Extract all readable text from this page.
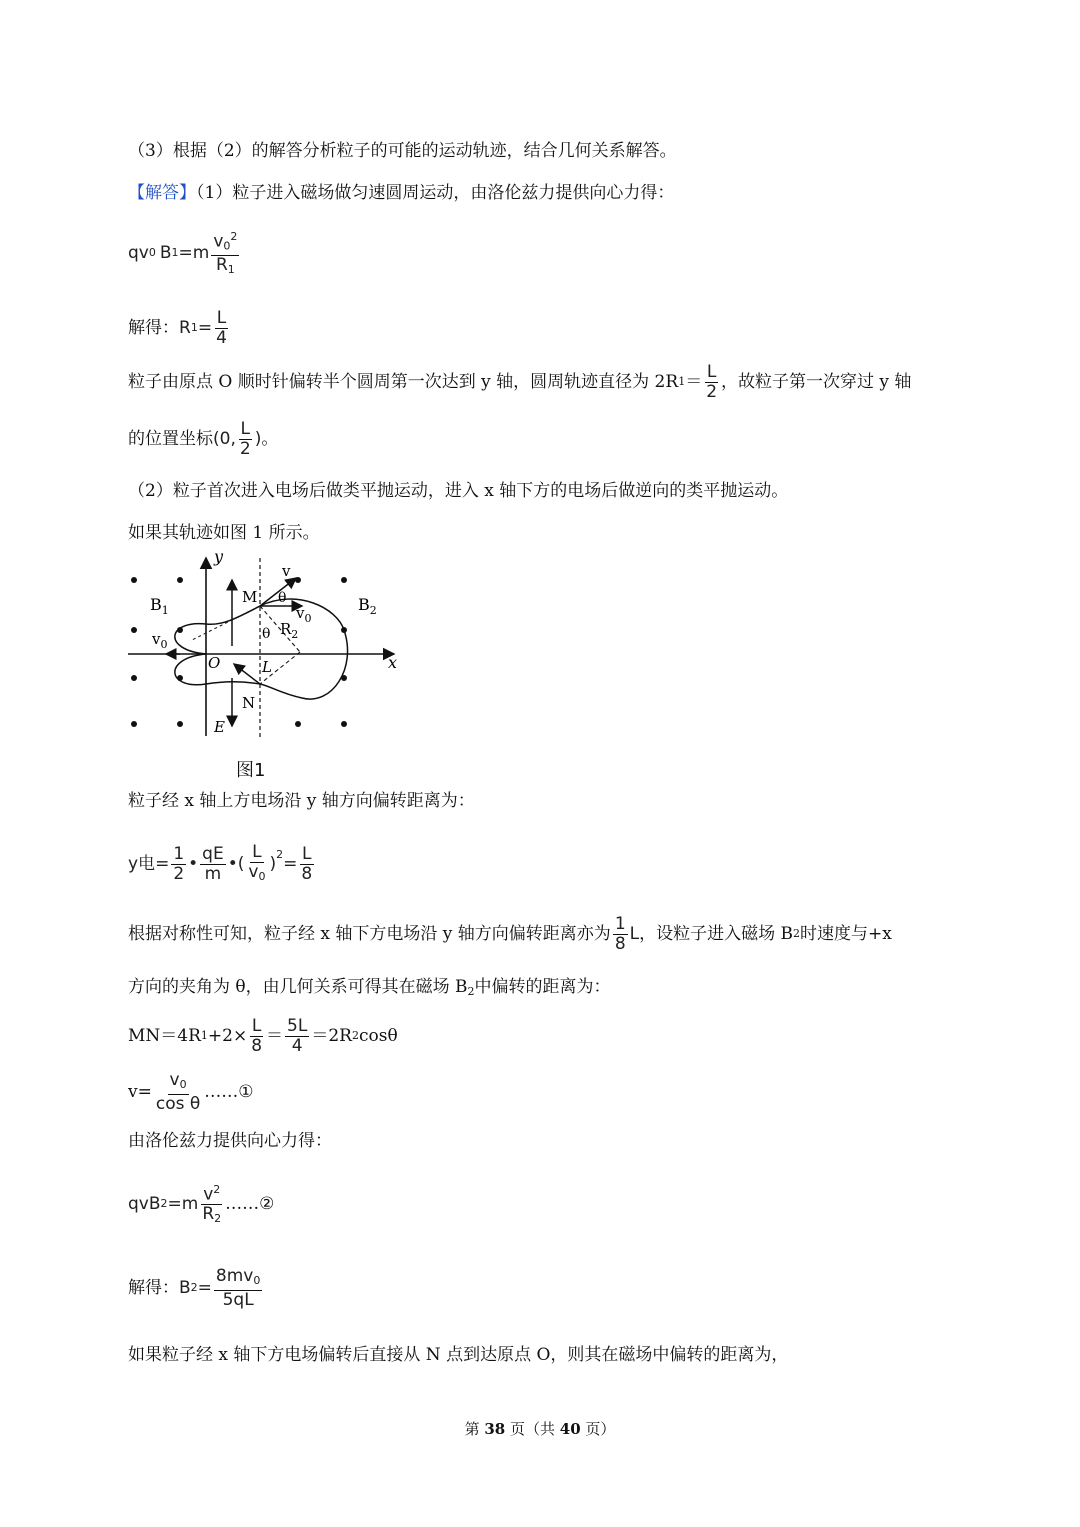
（3）根据（2）的解答分析粒子的可能的运动轨迹，结合几何关系解答。
【解答】（1）粒子进入磁场做匀速圆周运动，由洛伦兹力提供向心力得：
qv 0 B $1 =m \frac{v_0^2}{R_1}$
解得： R $1 = \frac{L}{4}$
粒子由原点 O 顺时针偏转半个圆周第一次达到 y 轴，圆周轨迹直径为 2R $1 = \frac{L}{2}$ ，故粒子第一次穿过 y 轴
的位置坐标 (0, $\frac{L}{2}$ ) 。
（2）粒子首次进入电场后做类平抛运动，进入 x 轴下方的电场后做逆向的类平抛运动。
如果其轨迹如图 1 所示。
y
x
O
$B_1$	$B_2$
$v_0$
M
N
E
L
v
θ
$v_0$
θ $R_2$
图1
粒子经 x 轴上方电场沿 y 轴方向偏转距离为：
y电 = $\frac{1}{2}$ • $\frac{qE}{m}$ • ( $\frac{L}{v_0} )^2 = \frac{L}{8}$
根据对称性可知，粒子经 x 轴下方电场沿 y 轴方向偏转距离亦为 $\frac{1}{8}$ L ，设粒子进入磁场 B 2 时速度与+x
方向的夹角为 θ，由几何关系可得其在磁场 $B_2$中偏转的距离为：
MN＝4R $1 +2\times \frac{L}{8} = \frac{5L}{4} =2R$ 2 cosθ
$v= \frac{v_0}{\text{cos θ}}$ ……①
由洛伦兹力提供向心力得：
qvB $2 =m \frac{v^2}{R_2}$ ……②
解得： B $2 = \frac{8mv_0}{5qL}$
如果粒子经 x 轴下方电场偏转后直接从 N 点到达原点 O，则其在磁场中偏转的距离为，
第 38 页（共 40 页）
